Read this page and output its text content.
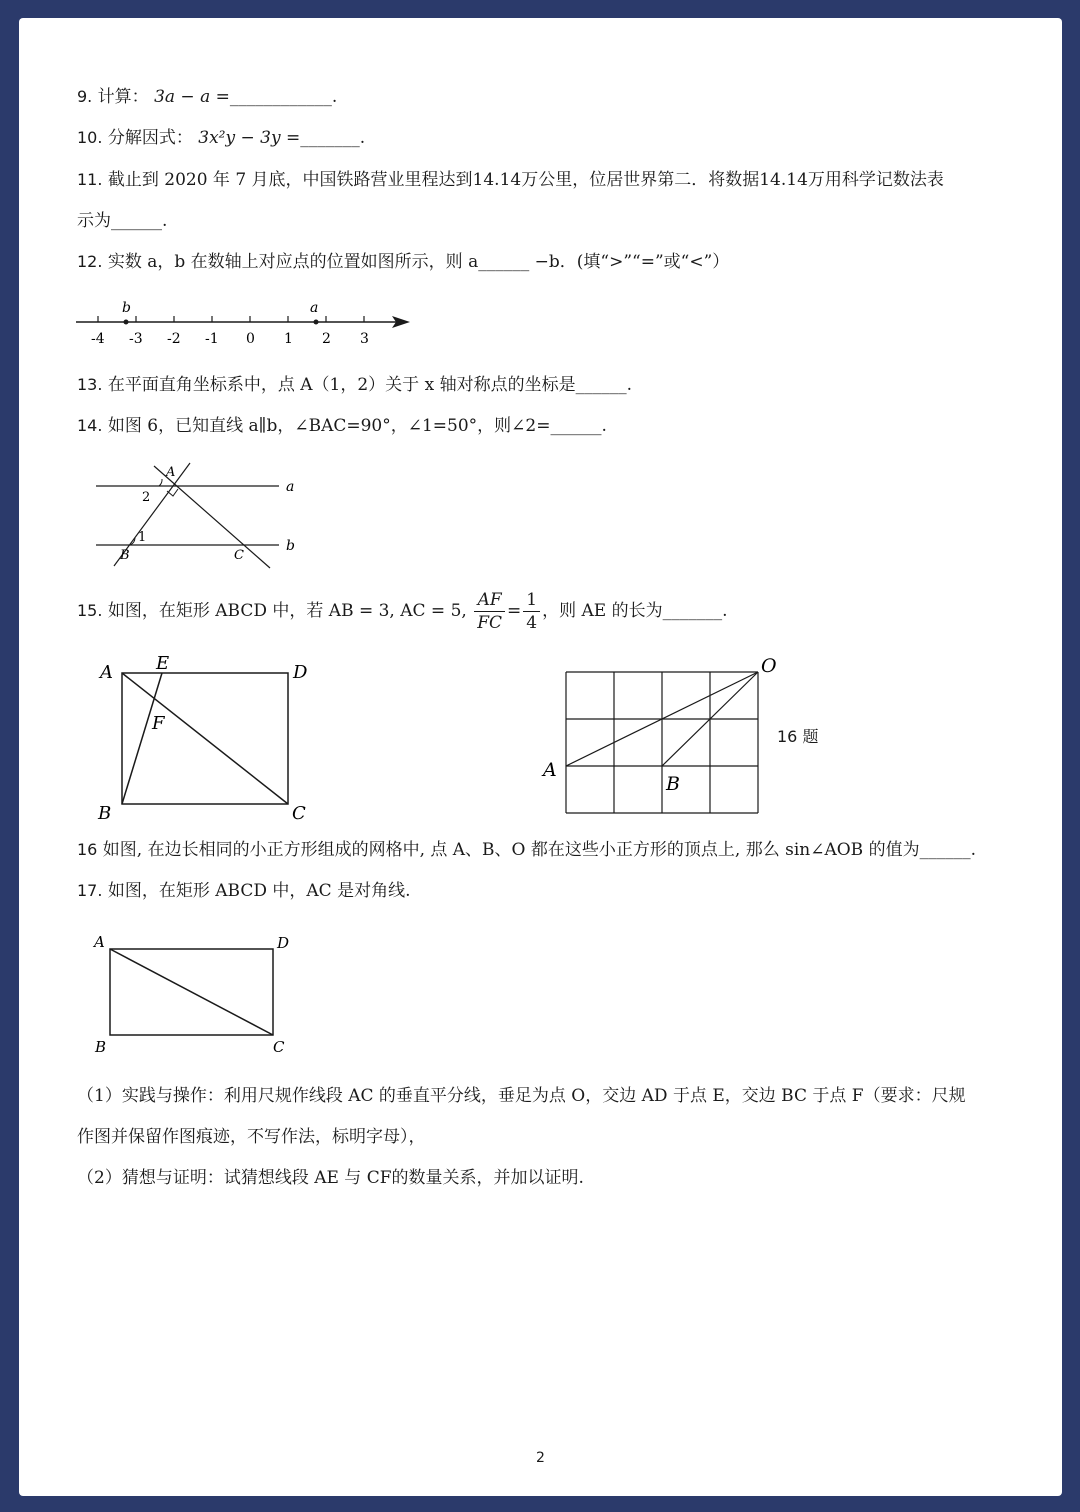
9. 计算： 3a − a =____________.
10. 分解因式： 3x²y − 3y =_______.
11. 截止到 2020 年 7 月底，中国铁路营业里程达到14.14万公里，位居世界第二．将数据14.14万用科学记数法表
示为______.
12. 实数 a，b 在数轴上对应点的位置如图所示，则 a______ −b．(填“>”“=”或“<”）
-4 -3 -2 -1 0 1 2 3
b	a
13. 在平面直角坐标系中，点 A（1，2）关于 x 轴对称点的坐标是______.
14. 如图 6，已知直线 a∥b，∠BAC=90°，∠1=50°，则∠2=______.
A
2
1
B	C
a
b
15. 如图，在矩形 ABCD 中，若 AB = 3, AC = 5, $\frac{AF}{FC} = \frac{1}{4}$ ，则 AE 的长为_______.
A E	D
F
B	C
O
A
B
16 题
16 如图, 在边长相同的小正方形组成的网格中, 点 A、B、O 都在这些小正方形的顶点上, 那么 sin∠AOB 的值为______.
17. 如图，在矩形 ABCD 中，AC 是对角线.
A	D
B	C
（1）实践与操作：利用尺规作线段 AC 的垂直平分线，垂足为点 O，交边 AD 于点 E，交边 BC 于点 F（要求：尺规
作图并保留作图痕迹，不写作法，标明字母），
（2）猜想与证明：试猜想线段 AE 与 CF的数量关系，并加以证明.
2
